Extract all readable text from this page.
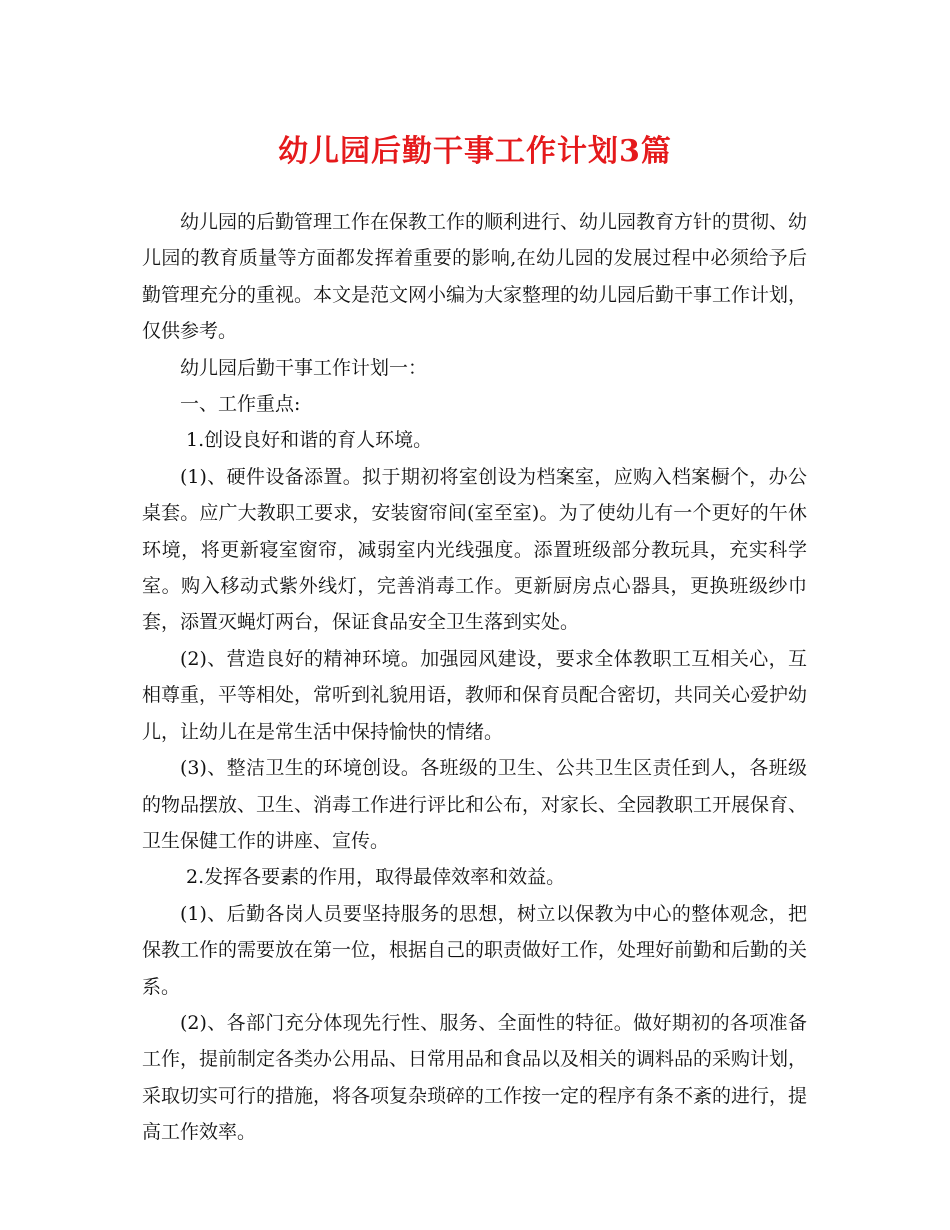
幼儿园后勤干事工作计划3篇

幼儿园的后勤管理工作在保教工作的顺利进行、幼儿园教育方针的贯彻、幼儿园的教育质量等方面都发挥着重要的影响,在幼儿园的发展过程中必须给予后勤管理充分的重视。本文是范文网小编为大家整理的幼儿园后勤干事工作计划，仅供参考。

幼儿园后勤干事工作计划一：

一、工作重点:

1.创设良好和谐的育人环境。

(1)、硬件设备添置。拟于期初将室创设为档案室，应购入档案橱个，办公桌套。应广大教职工要求，安装窗帘间(室至室)。为了使幼儿有一个更好的午休环境，将更新寝室窗帘，减弱室内光线强度。添置班级部分教玩具，充实科学室。购入移动式紫外线灯，完善消毒工作。更新厨房点心器具，更换班级纱巾套，添置灭蝇灯两台，保证食品安全卫生落到实处。

(2)、营造良好的精神环境。加强园风建设，要求全体教职工互相关心，互相尊重，平等相处，常听到礼貌用语，教师和保育员配合密切，共同关心爱护幼儿，让幼儿在是常生活中保持愉快的情绪。

(3)、整洁卫生的环境创设。各班级的卫生、公共卫生区责任到人，各班级的物品摆放、卫生、消毒工作进行评比和公布，对家长、全园教职工开展保育、卫生保健工作的讲座、宣传。

2.发挥各要素的作用，取得最倖效率和效益。

(1)、后勤各岗人员要坚持服务的思想，树立以保教为中心的整体观念，把保教工作的需要放在第一位，根据自己的职责做好工作，处理好前勤和后勤的关系。

(2)、各部门充分体现先行性、服务、全面性的特征。做好期初的各项准备工作，提前制定各类办公用品、日常用品和食品以及相关的调料品的采购计划，采取切实可行的措施，将各项复杂琐碎的工作按一定的程序有条不紊的进行，提高工作效率。
